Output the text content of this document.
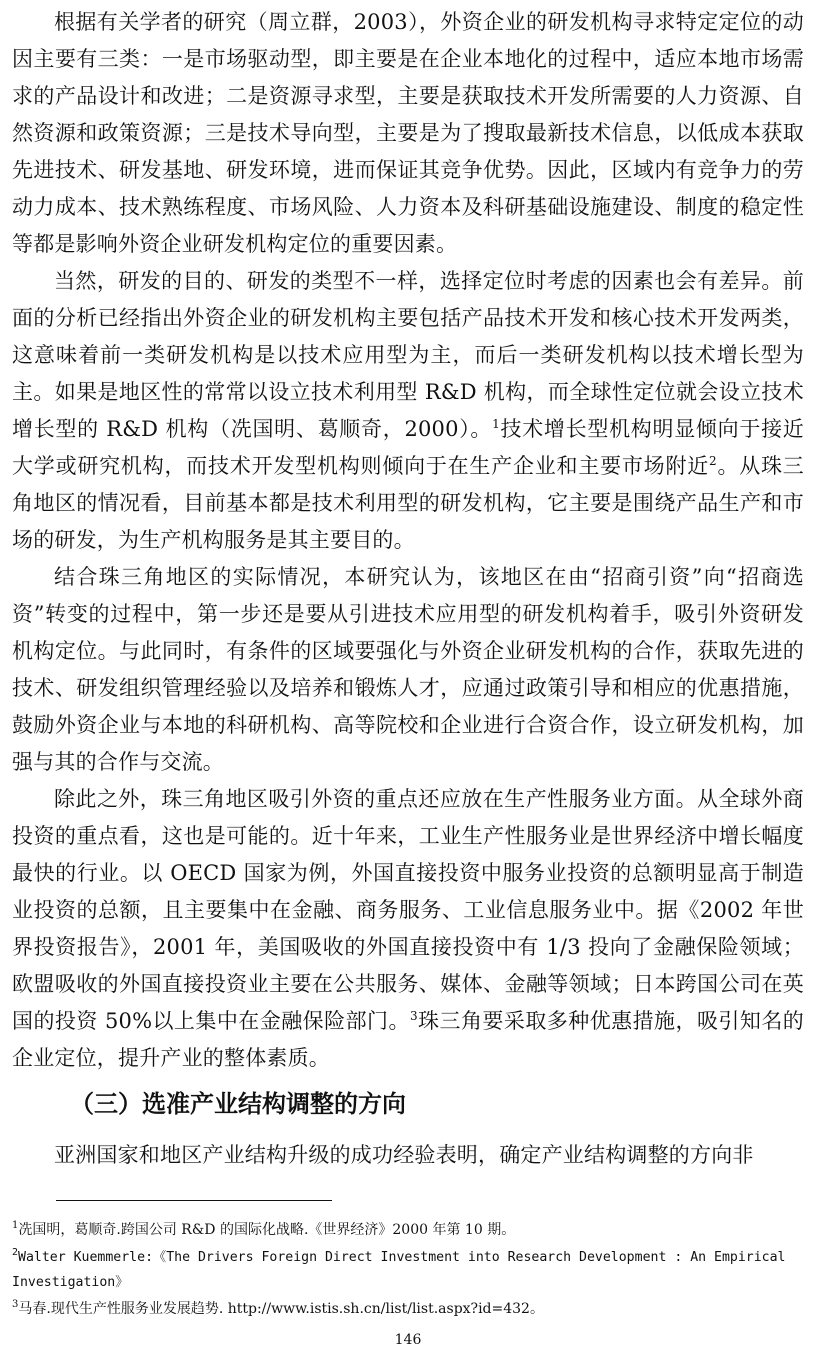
根据有关学者的研究（周立群，2003），外资企业的研发机构寻求特定定位的动因主要有三类：一是市场驱动型，即主要是在企业本地化的过程中，适应本地市场需求的产品设计和改进；二是资源寻求型，主要是获取技术开发所需要的人力资源、自然资源和政策资源；三是技术导向型，主要是为了搜取最新技术信息，以低成本获取先进技术、研发基地、研发环境，进而保证其竞争优势。因此，区域内有竞争力的劳动力成本、技术熟练程度、市场风险、人力资本及科研基础设施建设、制度的稳定性等都是影响外资企业研发机构定位的重要因素。

当然，研发的目的、研发的类型不一样，选择定位时考虑的因素也会有差异。前面的分析已经指出外资企业的研发机构主要包括产品技术开发和核心技术开发两类，这意味着前一类研发机构是以技术应用型为主，而后一类研发机构以技术增长型为主。如果是地区性的常常以设立技术利用型 R&D 机构，而全球性定位就会设立技术增长型的 R&D 机构（冼国明、葛顺奇，2000）。$^1$技术增长型机构明显倾向于接近大学或研究机构，而技术开发型机构则倾向于在生产企业和主要市场附近$^2$。从珠三角地区的情况看，目前基本都是技术利用型的研发机构，它主要是围绕产品生产和市场的研发，为生产机构服务是其主要目的。

结合珠三角地区的实际情况，本研究认为，该地区在由“招商引资”向“招商选资”转变的过程中，第一步还是要从引进技术应用型的研发机构着手，吸引外资研发机构定位。与此同时，有条件的区域要强化与外资企业研发机构的合作，获取先进的技术、研发组织管理经验以及培养和锻炼人才，应通过政策引导和相应的优惠措施，鼓励外资企业与本地的科研机构、高等院校和企业进行合资合作，设立研发机构，加强与其的合作与交流。

除此之外，珠三角地区吸引外资的重点还应放在生产性服务业方面。从全球外商投资的重点看，这也是可能的。近十年来，工业生产性服务业是世界经济中增长幅度最快的行业。以 OECD 国家为例，外国直接投资中服务业投资的总额明显高于制造业投资的总额，且主要集中在金融、商务服务、工业信息服务业中。据《2002 年世界投资报告》，2001 年，美国吸收的外国直接投资中有 1/3 投向了金融保险领域；欧盟吸收的外国直接投资业主要在公共服务、媒体、金融等领域；日本跨国公司在英国的投资 50%以上集中在金融保险部门。$^3$珠三角要采取多种优惠措施，吸引知名的企业定位，提升产业的整体素质。

（三）选准产业结构调整的方向

亚洲国家和地区产业结构升级的成功经验表明，确定产业结构调整的方向非

$^1$冼国明，葛顺奇.跨国公司 R&D 的国际化战略.《世界经济》2000 年第 10 期。

$^2$Walter Kuemmerle:《The Drivers Foreign Direct Investment into Research Development : An Empirical Investigation》

$^3$马春.现代生产性服务业发展趋势. http://www.istis.sh.cn/list/list.aspx?id=432。

146
